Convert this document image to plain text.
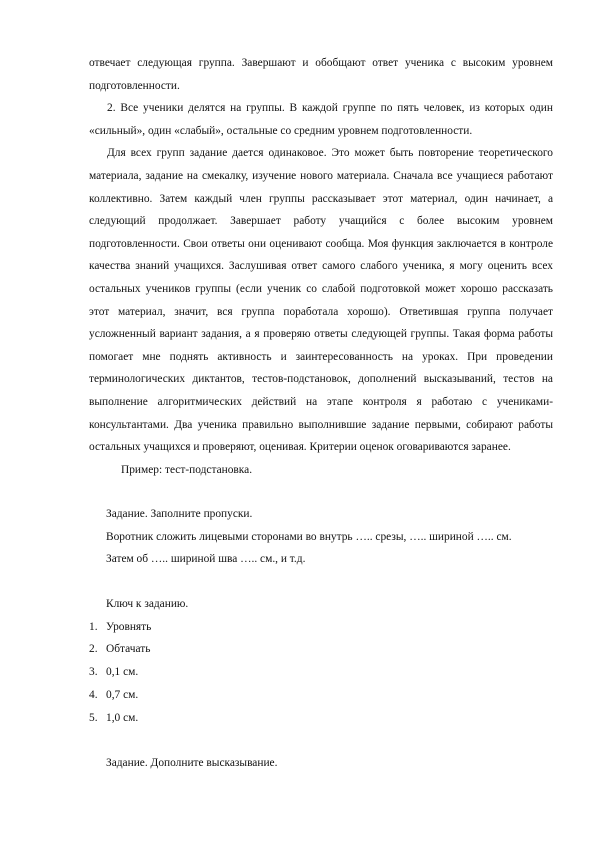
отвечает следующая группа. Завершают и обобщают ответ ученика с высоким уровнем подготовленности.

2. Все ученики делятся на группы. В каждой группе по пять человек, из которых один «сильный», один «слабый», остальные со средним уровнем подготовленности.

Для всех групп задание дается одинаковое. Это может быть повторение теоретического материала, задание на смекалку, изучение нового материала. Сначала все учащиеся работают коллективно. Затем каждый член группы рассказывает этот материал, один начинает, а следующий продолжает. Завершает работу учащийся с более высоким уровнем подготовленности. Свои ответы они оценивают сообща. Моя функция заключается в контроле качества знаний учащихся. Заслушивая ответ самого слабого ученика, я могу оценить всех остальных учеников группы (если ученик со слабой подготовкой может хорошо рассказать этот материал, значит, вся группа поработала хорошо). Ответившая группа получает усложненный вариант задания, а я проверяю ответы следующей группы. Такая форма работы помогает мне поднять активность и заинтересованность на уроках. При проведении терминологических диктантов, тестов-подстановок, дополнений высказываний, тестов на выполнение алгоритмических действий на этапе контроля я работаю с учениками-консультантами. Два ученика правильно выполнившие задание первыми, собирают работы остальных учащихся и проверяют, оценивая. Критерии оценок оговариваются заранее.

Пример: тест-подстановка.

Задание. Заполните пропуски.

Воротник сложить лицевыми сторонами во внутрь ….. срезы, ….. шириной ….. см.

Затем об ….. шириной шва ….. см., и т.д.

Ключ к заданию.

1. Уровнять
2. Обтачать
3. 0,1 см.
4. 0,7 см.
5. 1,0 см.

Задание. Дополните высказывание.
